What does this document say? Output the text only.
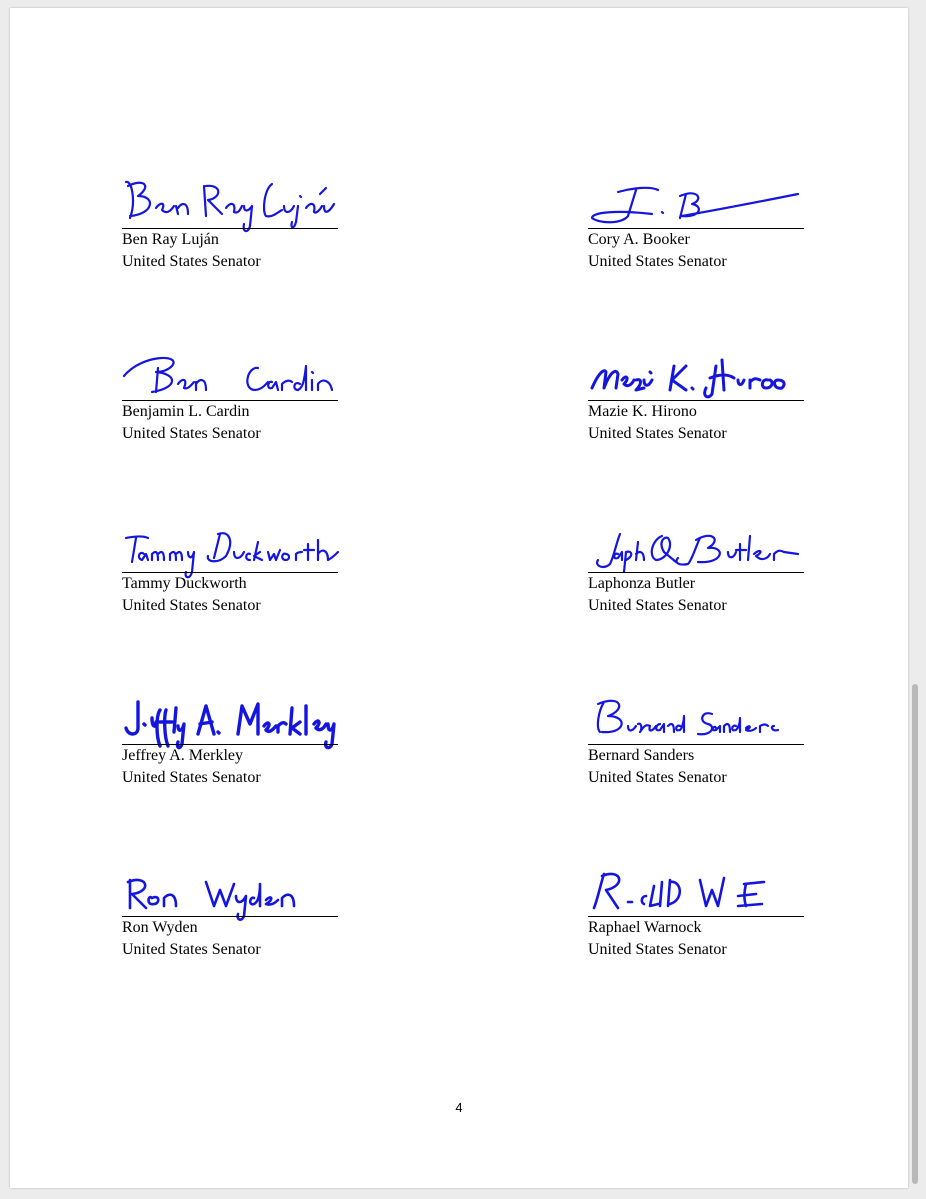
Ben Ray Luján
United States Senator
Cory A. Booker
United States Senator
Benjamin L. Cardin
United States Senator
Mazie K. Hirono
United States Senator
Tammy Duckworth
United States Senator
Laphonza Butler
United States Senator
Jeffrey A. Merkley
United States Senator
Bernard Sanders
United States Senator
Ron Wyden
United States Senator
Raphael Warnock
United States Senator
4
